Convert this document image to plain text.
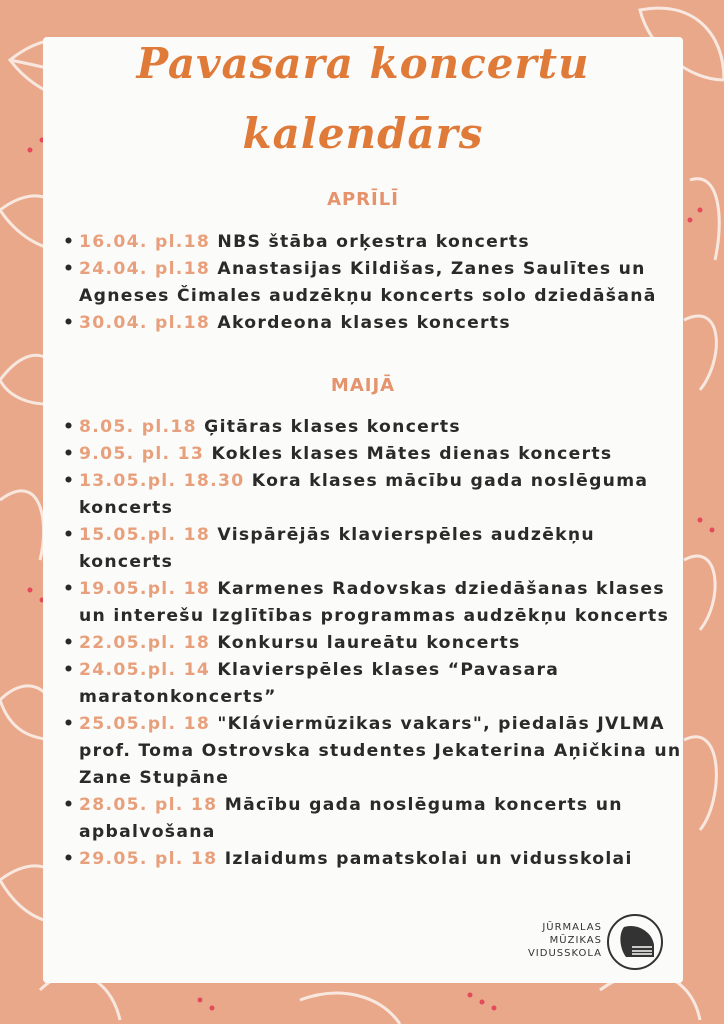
Pavasara koncertu
kalendārs
APRĪLĪ
• 16.04. pl.18 NBS štāba orķestra koncerts
• 24.04. pl.18 Anastasijas Kildišas, Zanes Saulītes un Agneses Čimales audzēkņu koncerts solo dziedāšanā
• 30.04. pl.18 Akordeona klases koncerts
MAIJĀ
• 8.05. pl.18 Ģitāras klases koncerts
• 9.05. pl. 13 Kokles klases Mātes dienas koncerts
• 13.05.pl. 18.30 Kora klases mācību gada noslēguma koncerts
• 15.05.pl. 18 Vispārējās klavierspēles audzēkņu koncerts
• 19.05.pl. 18 Karmenes Radovskas dziedāšanas klases un interešu Izglītības programmas audzēkņu koncerts
• 22.05.pl. 18 Konkursu laureātu koncerts
• 24.05.pl. 14 Klavierspēles klases “Pavasara maratonkoncerts”
• 25.05.pl. 18 "Kláviermūzikas vakars", piedalās JVLMA prof. Toma Ostrovska studentes Jekaterina Aņičkina un Zane Stupāne
• 28.05. pl. 18 Mācību gada noslēguma koncerts un apbalvošana
• 29.05. pl. 18 Izlaidums pamatskolai un vidusskolai
JŪRMALAS
MŪZIKAS
VIDUSSKOLA
